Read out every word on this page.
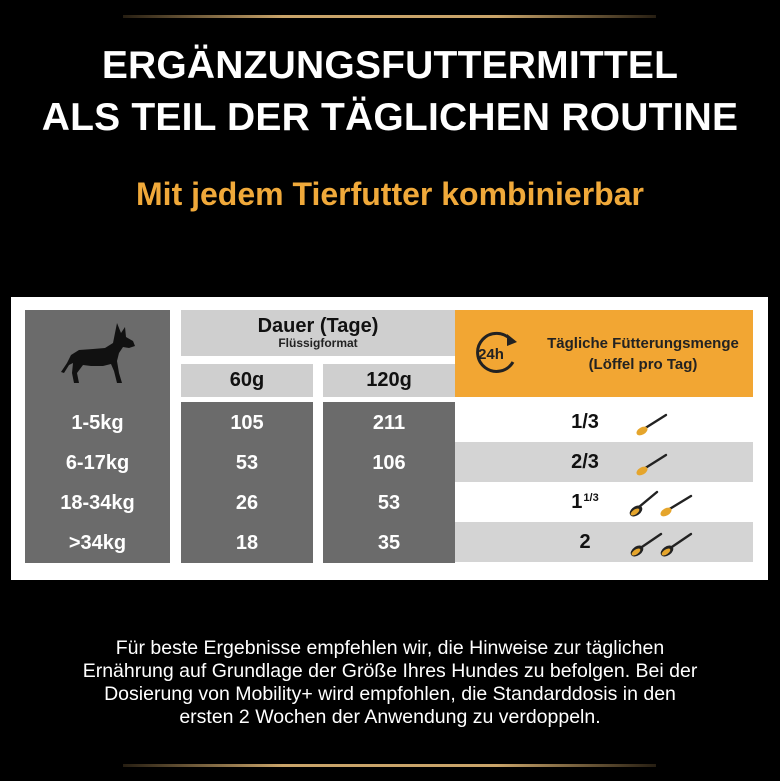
ERGÄNZUNGSFUTTERMITTEL
ALS TEIL DER TÄGLICHEN ROUTINE
Mit jedem Tierfutter kombinierbar
1-5kg
6-17kg
18-34kg
>34kg
Dauer (Tage)
Flüssigformat
60g	120g
105
53
26
18
211
106
53
35
24h
Tägliche Fütterungsmenge
(Löffel pro Tag)
1/3
2/3
$1^{1/3}$
2
Für beste Ergebnisse empfehlen wir, die Hinweise zur täglichen
Ernährung auf Grundlage der Größe Ihres Hundes zu befolgen. Bei der
Dosierung von Mobility+ wird empfohlen, die Standarddosis in den
ersten 2 Wochen der Anwendung zu verdoppeln.
